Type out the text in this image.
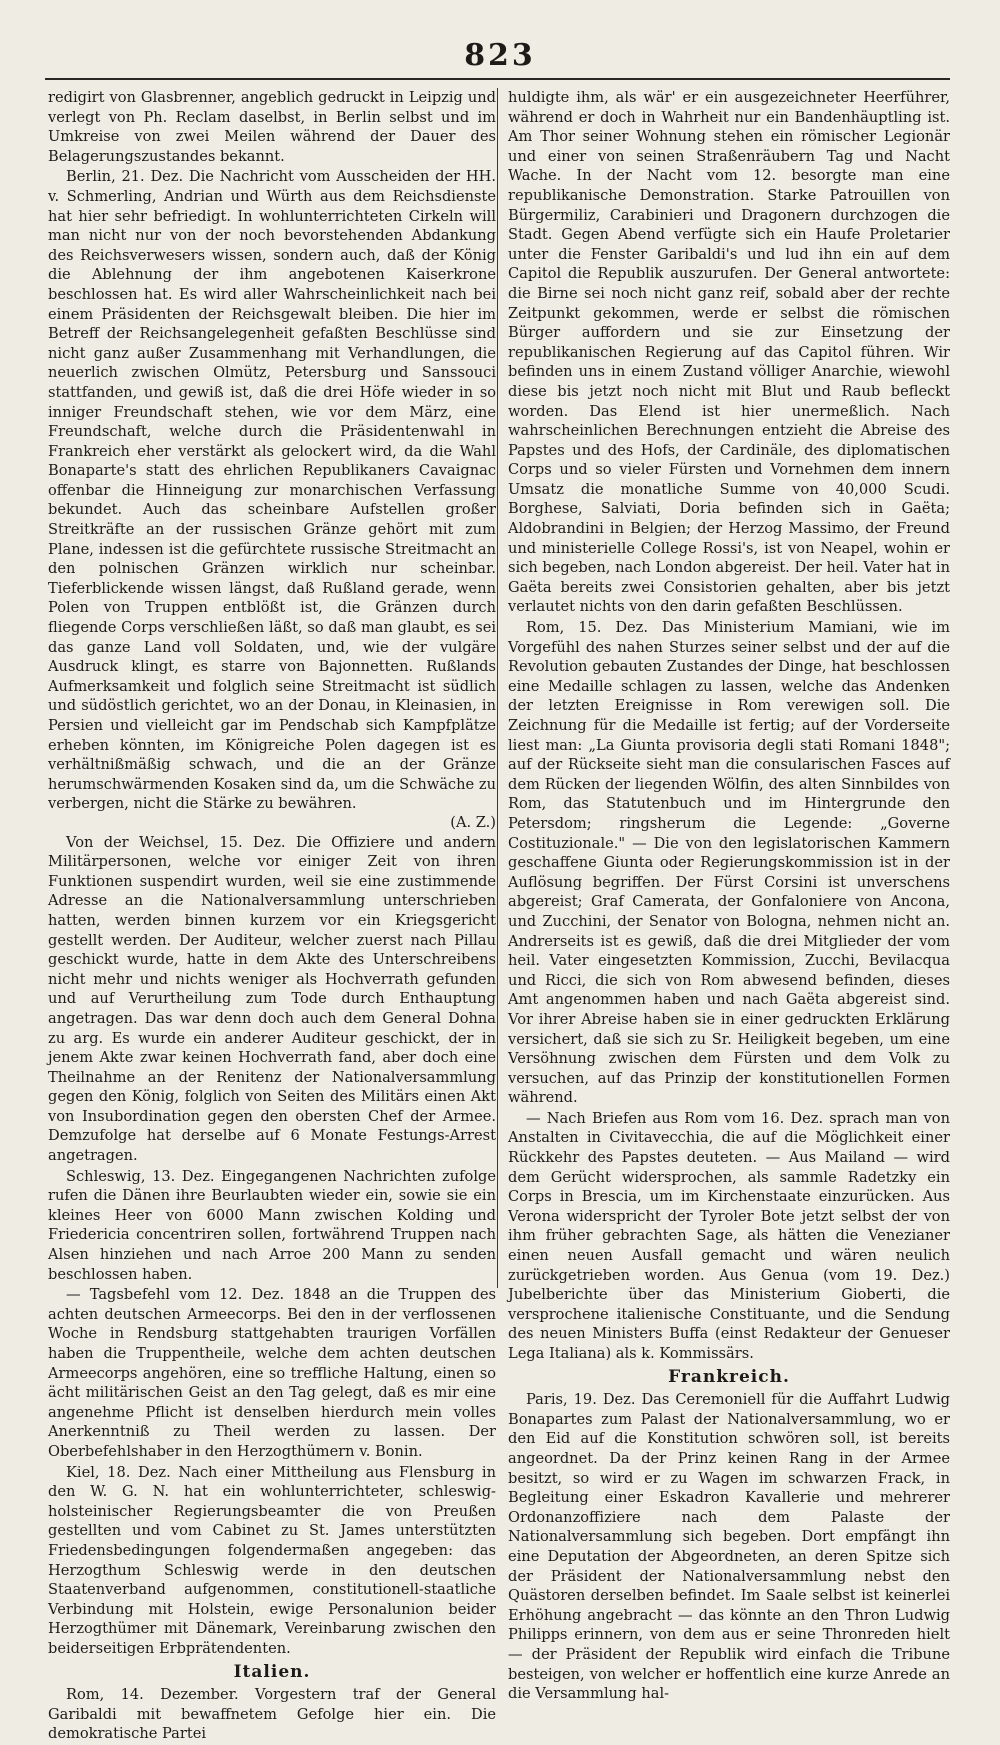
823

redigirt von Glasbrenner, angeblich gedruckt in Leipzig und verlegt von Ph. Reclam daselbst, in Berlin selbst und im Umkreise von zwei Meilen während der Dauer des Belagerungszustandes bekannt.

Berlin, 21. Dez. Die Nachricht vom Ausscheiden der HH. v. Schmerling, Andrian und Würth aus dem Reichsdienste hat hier sehr befriedigt. In wohlunterrichteten Cirkeln will man nicht nur von der noch bevorstehenden Abdankung des Reichsverwesers wissen, sondern auch, daß der König die Ablehnung der ihm angebotenen Kaiserkrone beschlossen hat. Es wird aller Wahrscheinlichkeit nach bei einem Präsidenten der Reichsgewalt bleiben. Die hier im Betreff der Reichsangelegenheit gefaßten Beschlüsse sind nicht ganz außer Zusammenhang mit Verhandlungen, die neuerlich zwischen Olmütz, Petersburg und Sanssouci stattfanden, und gewiß ist, daß die drei Höfe wieder in so inniger Freundschaft stehen, wie vor dem März, eine Freundschaft, welche durch die Präsidentenwahl in Frankreich eher verstärkt als gelockert wird, da die Wahl Bonaparte's statt des ehrlichen Republikaners Cavaignac offenbar die Hinneigung zur monarchischen Verfassung bekundet. Auch das scheinbare Aufstellen großer Streitkräfte an der russischen Gränze gehört mit zum Plane, indessen ist die gefürchtete russische Streitmacht an den polnischen Gränzen wirklich nur scheinbar. Tieferblickende wissen längst, daß Rußland gerade, wenn Polen von Truppen entblößt ist, die Gränzen durch fliegende Corps verschließen läßt, so daß man glaubt, es sei das ganze Land voll Soldaten, und, wie der vulgäre Ausdruck klingt, es starre von Bajonnetten. Rußlands Aufmerksamkeit und folglich seine Streitmacht ist südlich und südöstlich gerichtet, wo an der Donau, in Kleinasien, in Persien und vielleicht gar im Pendschab sich Kampfplätze erheben könnten, im Königreiche Polen dagegen ist es verhältnißmäßig schwach, und die an der Gränze herumschwärmenden Kosaken sind da, um die Schwäche zu verbergen, nicht die Stärke zu bewähren.

(A. Z.)

Von der Weichsel, 15. Dez. Die Offiziere und andern Militärpersonen, welche vor einiger Zeit von ihren Funktionen suspendirt wurden, weil sie eine zustimmende Adresse an die Nationalversammlung unterschrieben hatten, werden binnen kurzem vor ein Kriegsgericht gestellt werden. Der Auditeur, welcher zuerst nach Pillau geschickt wurde, hatte in dem Akte des Unterschreibens nicht mehr und nichts weniger als Hochverrath gefunden und auf Verurtheilung zum Tode durch Enthauptung angetragen. Das war denn doch auch dem General Dohna zu arg. Es wurde ein anderer Auditeur geschickt, der in jenem Akte zwar keinen Hochverrath fand, aber doch eine Theilnahme an der Renitenz der Nationalversammlung gegen den König, folglich von Seiten des Militärs einen Akt von Insubordination gegen den obersten Chef der Armee. Demzufolge hat derselbe auf 6 Monate Festungs-Arrest angetragen.

Schleswig, 13. Dez. Eingegangenen Nachrichten zufolge rufen die Dänen ihre Beurlaubten wieder ein, sowie sie ein kleines Heer von 6000 Mann zwischen Kolding und Friedericia concentriren sollen, fortwährend Truppen nach Alsen hinziehen und nach Arroe 200 Mann zu senden beschlossen haben.

— Tagsbefehl vom 12. Dez. 1848 an die Truppen des achten deutschen Armeecorps. Bei den in der verflossenen Woche in Rendsburg stattgehabten traurigen Vorfällen haben die Truppentheile, welche dem achten deutschen Armeecorps angehören, eine so treffliche Haltung, einen so ächt militärischen Geist an den Tag gelegt, daß es mir eine angenehme Pflicht ist denselben hierdurch mein volles Anerkenntniß zu Theil werden zu lassen. Der Oberbefehlshaber in den Herzogthümern v. Bonin.

Kiel, 18. Dez. Nach einer Mittheilung aus Flensburg in den W. G. N. hat ein wohlunterrichteter, schleswig-holsteinischer Regierungsbeamter die von Preußen gestellten und vom Cabinet zu St. James unterstützten Friedensbedingungen folgendermaßen angegeben: das Herzogthum Schleswig werde in den deutschen Staatenverband aufgenommen, constitutionell-staatliche Verbindung mit Holstein, ewige Personalunion beider Herzogthümer mit Dänemark, Vereinbarung zwischen den beiderseitigen Erbprätendenten.

Italien.

Rom, 14. Dezember. Vorgestern traf der General Garibaldi mit bewaffnetem Gefolge hier ein. Die demokratische Partei

huldigte ihm, als wär' er ein ausgezeichneter Heerführer, während er doch in Wahrheit nur ein Bandenhäuptling ist. Am Thor seiner Wohnung stehen ein römischer Legionär und einer von seinen Straßenräubern Tag und Nacht Wache. In der Nacht vom 12. besorgte man eine republikanische Demonstration. Starke Patrouillen von Bürgermiliz, Carabinieri und Dragonern durchzogen die Stadt. Gegen Abend verfügte sich ein Haufe Proletarier unter die Fenster Garibaldi's und lud ihn ein auf dem Capitol die Republik auszurufen. Der General antwortete: die Birne sei noch nicht ganz reif, sobald aber der rechte Zeitpunkt gekommen, werde er selbst die römischen Bürger auffordern und sie zur Einsetzung der republikanischen Regierung auf das Capitol führen. Wir befinden uns in einem Zustand völliger Anarchie, wiewohl diese bis jetzt noch nicht mit Blut und Raub befleckt worden. Das Elend ist hier unermeßlich. Nach wahrscheinlichen Berechnungen entzieht die Abreise des Papstes und des Hofs, der Cardinäle, des diplomatischen Corps und so vieler Fürsten und Vornehmen dem innern Umsatz die monatliche Summe von 40,000 Scudi. Borghese, Salviati, Doria befinden sich in Gaëta; Aldobrandini in Belgien; der Herzog Massimo, der Freund und ministerielle College Rossi's, ist von Neapel, wohin er sich begeben, nach London abgereist. Der heil. Vater hat in Gaëta bereits zwei Consistorien gehalten, aber bis jetzt verlautet nichts von den darin gefaßten Beschlüssen.

Rom, 15. Dez. Das Ministerium Mamiani, wie im Vorgefühl des nahen Sturzes seiner selbst und der auf die Revolution gebauten Zustandes der Dinge, hat beschlossen eine Medaille schlagen zu lassen, welche das Andenken der letzten Ereignisse in Rom verewigen soll. Die Zeichnung für die Medaille ist fertig; auf der Vorderseite liest man: „La Giunta provisoria degli stati Romani 1848"; auf der Rückseite sieht man die consularischen Fasces auf dem Rücken der liegenden Wölfin, des alten Sinnbildes von Rom, das Statutenbuch und im Hintergrunde den Petersdom; ringsherum die Legende: „Governe Costituzionale." — Die von den legislatorischen Kammern geschaffene Giunta oder Regierungskommission ist in der Auflösung begriffen. Der Fürst Corsini ist unverschens abgereist; Graf Camerata, der Gonfaloniere von Ancona, und Zucchini, der Senator von Bologna, nehmen nicht an. Andrerseits ist es gewiß, daß die drei Mitglieder der vom heil. Vater eingesetzten Kommission, Zucchi, Bevilacqua und Ricci, die sich von Rom abwesend befinden, dieses Amt angenommen haben und nach Gaëta abgereist sind. Vor ihrer Abreise haben sie in einer gedruckten Erklärung versichert, daß sie sich zu Sr. Heiligkeit begeben, um eine Versöhnung zwischen dem Fürsten und dem Volk zu versuchen, auf das Prinzip der konstitutionellen Formen während.

— Nach Briefen aus Rom vom 16. Dez. sprach man von Anstalten in Civitavecchia, die auf die Möglichkeit einer Rückkehr des Papstes deuteten. — Aus Mailand — wird dem Gerücht widersprochen, als sammle Radetzky ein Corps in Brescia, um im Kirchenstaate einzurücken. Aus Verona widerspricht der Tyroler Bote jetzt selbst der von ihm früher gebrachten Sage, als hätten die Venezianer einen neuen Ausfall gemacht und wären neulich zurückgetrieben worden. Aus Genua (vom 19. Dez.) Jubelberichte über das Ministerium Gioberti, die versprochene italienische Constituante, und die Sendung des neuen Ministers Buffa (einst Redakteur der Genueser Lega Italiana) als k. Kommissärs.

Frankreich.

Paris, 19. Dez. Das Ceremoniell für die Auffahrt Ludwig Bonapartes zum Palast der Nationalversammlung, wo er den Eid auf die Konstitution schwören soll, ist bereits angeordnet. Da der Prinz keinen Rang in der Armee besitzt, so wird er zu Wagen im schwarzen Frack, in Begleitung einer Eskadron Kavallerie und mehrerer Ordonanzoffiziere nach dem Palaste der Nationalversammlung sich begeben. Dort empfängt ihn eine Deputation der Abgeordneten, an deren Spitze sich der Präsident der Nationalversammlung nebst den Quästoren derselben befindet. Im Saale selbst ist keinerlei Erhöhung angebracht — das könnte an den Thron Ludwig Philipps erinnern, von dem aus er seine Thronreden hielt — der Präsident der Republik wird einfach die Tribune besteigen, von welcher er hoffentlich eine kurze Anrede an die Versammlung hal-
